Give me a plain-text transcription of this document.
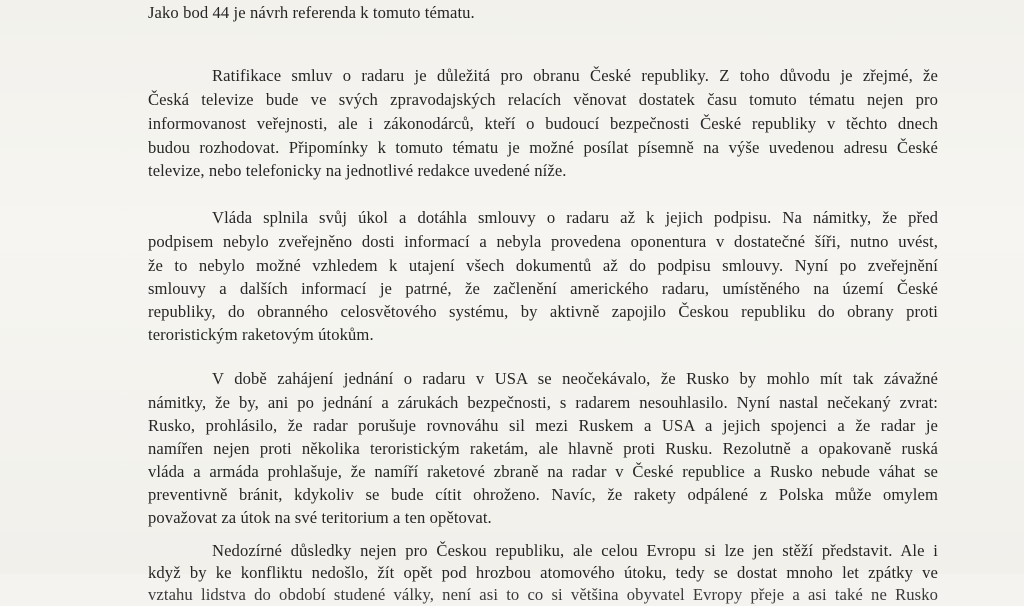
Jako bod 44 je návrh referenda k tomuto tématu.
Ratifikace smluv o radaru je důležitá pro obranu České republiky. Z toho důvodu je zřejmé, že
Česká televize bude ve svých zpravodajských relacích věnovat dostatek času tomuto tématu nejen pro
informovanost veřejnosti, ale i zákonodárců, kteří o budoucí bezpečnosti České republiky v těchto dnech
budou rozhodovat. Připomínky k tomuto tématu je možné posílat písemně na výše uvedenou adresu České
televize, nebo telefonicky na jednotlivé redakce uvedené níže.
Vláda splnila svůj úkol a dotáhla smlouvy o radaru až k jejich podpisu. Na námitky, že před
podpisem nebylo zveřejněno dosti informací a nebyla provedena oponentura v dostatečné šíři, nutno uvést,
že to nebylo možné vzhledem k utajení všech dokumentů až do podpisu smlouvy. Nyní po zveřejnění
smlouvy a dalších informací je patrné, že začlenění amerického radaru, umístěného na území České
republiky, do obranného celosvětového systému, by aktivně zapojilo Českou republiku do obrany proti
teroristickým raketovým útokům.
V době zahájení jednání o radaru v USA se neočekávalo, že Rusko by mohlo mít tak závažné
námitky, že by, ani po jednání a zárukách bezpečnosti, s radarem nesouhlasilo. Nyní nastal nečekaný zvrat:
Rusko, prohlásilo, že radar porušuje rovnováhu sil mezi Ruskem a USA a jejich spojenci a že radar je
namířen nejen proti několika teroristickým raketám, ale hlavně proti Rusku. Rezolutně a opakovaně ruská
vláda a armáda prohlašuje, že namíří raketové zbraně na radar v České republice a Rusko nebude váhat se
preventivně bránit, kdykoliv se bude cítit ohroženo. Navíc, že rakety odpálené z Polska může omylem
považovat za útok na své teritorium a ten opětovat.
Nedozírné důsledky nejen pro Českou republiku, ale celou Evropu si lze jen stěží představit. Ale i
když by ke konfliktu nedošlo, žít opět pod hrozbou atomového útoku, tedy se dostat mnoho let zpátky ve
vztahu lidstva do období studené války, není asi to co si většina obyvatel Evropy přeje a asi také ne Rusko
